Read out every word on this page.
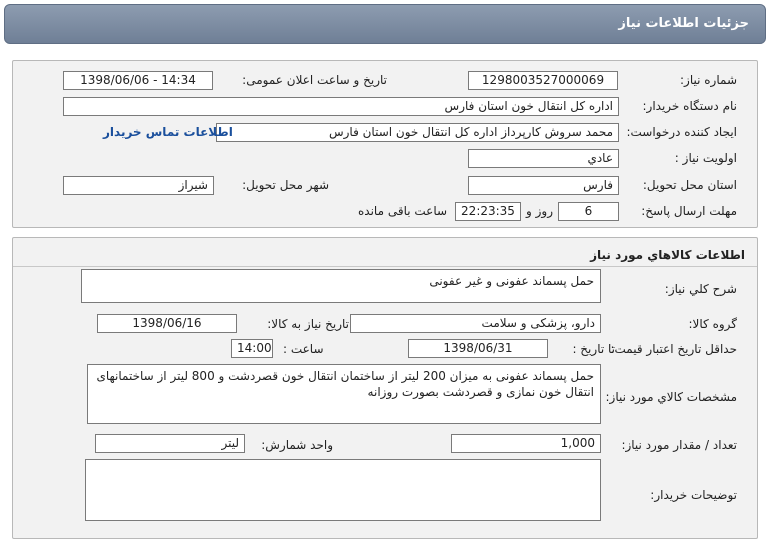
جزئیات اطلاعات نیاز
شماره نیاز:
1298003527000069
تاریخ و ساعت اعلان عمومی:
1398/06/06 - 14:34
نام دستگاه خریدار:
اداره کل انتقال خون استان فارس
ایجاد کننده درخواست:
محمد سروش کارپرداز اداره کل انتقال خون استان فارس
اطلاعات تماس خریدار
اولویت نیاز :
عادي
استان محل تحویل:
فارس
شهر محل تحویل:
شیراز
مهلت ارسال پاسخ:
6
روز و
22:23:35
ساعت باقی مانده
اطلاعات کالاهاي مورد نياز
شرح کلي نياز:
حمل پسماند عفونی و غیر عفونی
گروه کالا:
دارو، پزشکی و سلامت
تاریخ نیاز به کالا:
1398/06/16
حداقل تاریخ اعتبار قیمت:
تا تاریخ :
1398/06/31
ساعت :
14:00
مشخصات کالاي مورد نياز:
حمل پسماند عفونی به میزان 200 لیتر از ساختمان انتقال خون قصردشت و 800 لیتر از ساختمانهای انتقال خون نمازی و قصردشت بصورت روزانه
تعداد / مقدار مورد نیاز:
1,000
واحد شمارش:
لیتر
توضیحات خریدار:
